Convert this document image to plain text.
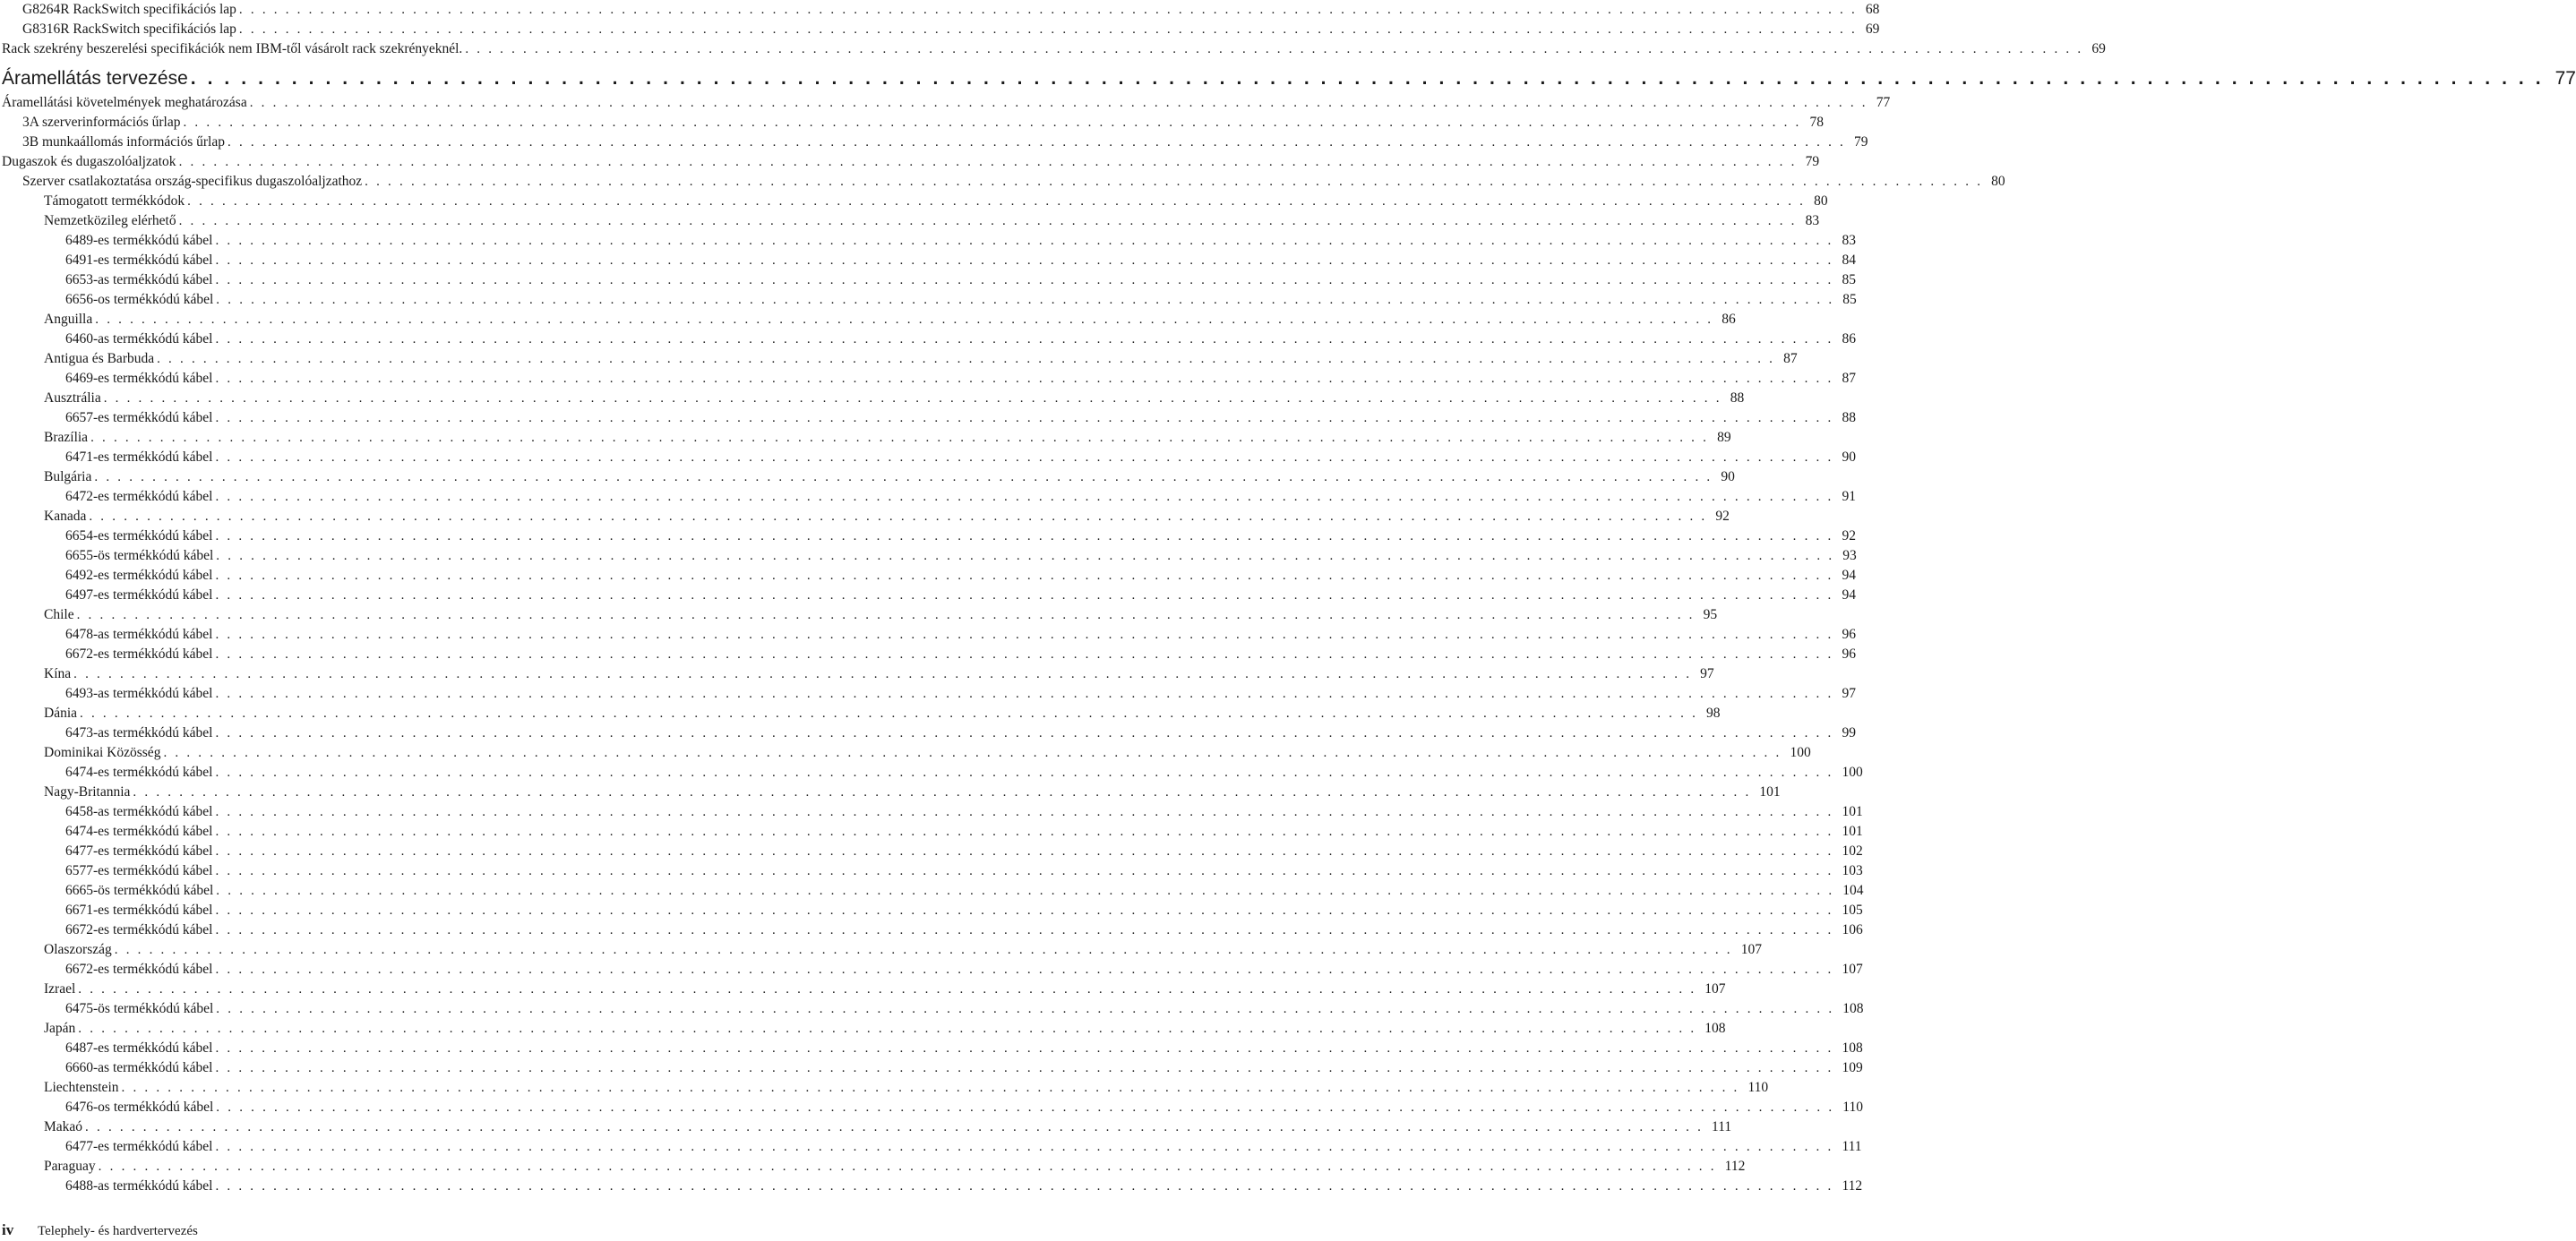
G8264R RackSwitch specifikációs lap ............................................................................................................................................ 68
G8316R RackSwitch specifikációs lap ............................................................................................................................................ 69
Rack szekrény beszerelési specifikációk nem IBM-től vásárolt rack szekrényeknél. ............................................................................................................................................ 69
Áramellátás tervezése ............................................................................................................................................ 77
Áramellátási követelmények meghatározása ............................................................................................................................................ 77
3A szerverinformációs űrlap ............................................................................................................................................ 78
3B munkaállomás információs űrlap ............................................................................................................................................ 79
Dugaszok és dugaszolóaljzatok ............................................................................................................................................ 79
Szerver csatlakoztatása ország-specifikus dugaszolóaljzathoz ............................................................................................................................................ 80
Támogatott termékkódok ............................................................................................................................................ 80
Nemzetközileg elérhető ............................................................................................................................................ 83
6489-es termékkódú kábel ............................................................................................................................................ 83
6491-es termékkódú kábel ............................................................................................................................................ 84
6653-as termékkódú kábel ............................................................................................................................................ 85
6656-os termékkódú kábel ............................................................................................................................................ 85
Anguilla ............................................................................................................................................ 86
6460-as termékkódú kábel ............................................................................................................................................ 86
Antigua és Barbuda ............................................................................................................................................ 87
6469-es termékkódú kábel ............................................................................................................................................ 87
Ausztrália ............................................................................................................................................ 88
6657-es termékkódú kábel ............................................................................................................................................ 88
Brazília ............................................................................................................................................ 89
6471-es termékkódú kábel ............................................................................................................................................ 90
Bulgária ............................................................................................................................................ 90
6472-es termékkódú kábel ............................................................................................................................................ 91
Kanada ............................................................................................................................................ 92
6654-es termékkódú kábel ............................................................................................................................................ 92
6655-ös termékkódú kábel ............................................................................................................................................ 93
6492-es termékkódú kábel ............................................................................................................................................ 94
6497-es termékkódú kábel ............................................................................................................................................ 94
Chile ............................................................................................................................................ 95
6478-as termékkódú kábel ............................................................................................................................................ 96
6672-es termékkódú kábel ............................................................................................................................................ 96
Kína ............................................................................................................................................ 97
6493-as termékkódú kábel ............................................................................................................................................ 97
Dánia ............................................................................................................................................ 98
6473-as termékkódú kábel ............................................................................................................................................ 99
Dominikai Közösség ............................................................................................................................................ 100
6474-es termékkódú kábel ............................................................................................................................................ 100
Nagy-Britannia ............................................................................................................................................ 101
6458-as termékkódú kábel ............................................................................................................................................ 101
6474-es termékkódú kábel ............................................................................................................................................ 101
6477-es termékkódú kábel ............................................................................................................................................ 102
6577-es termékkódú kábel ............................................................................................................................................ 103
6665-ös termékkódú kábel ............................................................................................................................................ 104
6671-es termékkódú kábel ............................................................................................................................................ 105
6672-es termékkódú kábel ............................................................................................................................................ 106
Olaszország ............................................................................................................................................ 107
6672-es termékkódú kábel ............................................................................................................................................ 107
Izrael ............................................................................................................................................ 107
6475-ös termékkódú kábel ............................................................................................................................................ 108
Japán ............................................................................................................................................ 108
6487-es termékkódú kábel ............................................................................................................................................ 108
6660-as termékkódú kábel ............................................................................................................................................ 109
Liechtenstein ............................................................................................................................................ 110
6476-os termékkódú kábel ............................................................................................................................................ 110
Makaó ............................................................................................................................................ 111
6477-es termékkódú kábel ............................................................................................................................................ 111
Paraguay ............................................................................................................................................ 112
6488-as termékkódú kábel ............................................................................................................................................ 112
iv	Telephely- és hardvertervezés
